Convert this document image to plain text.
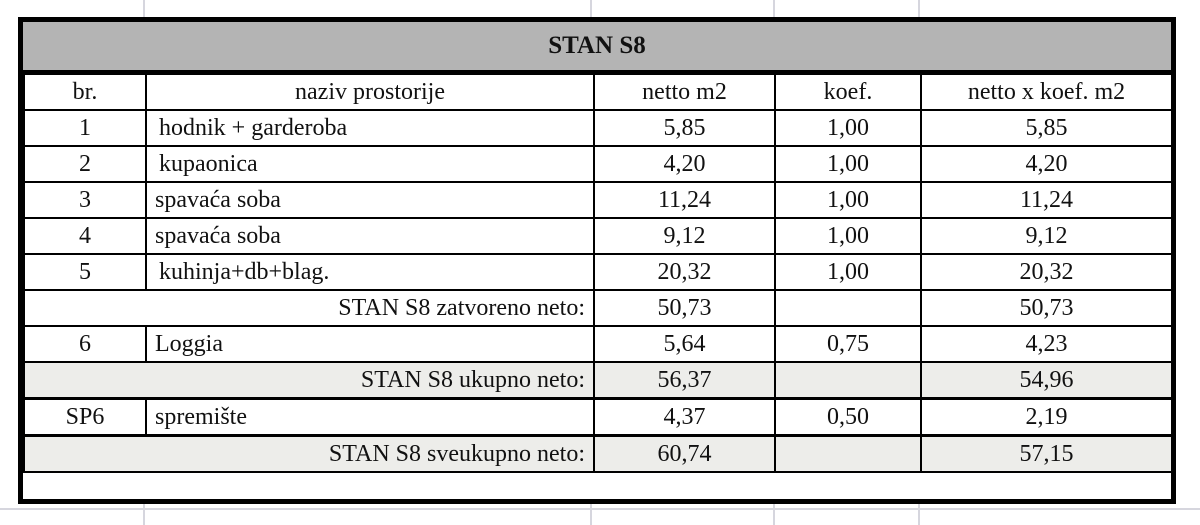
STAN S8
br.	naziv prostorije	netto m2	koef.	netto x koef. m2
1	hodnik + garderoba	5,85	1,00	5,85
2	kupaonica	4,20	1,00	4,20
3	spavaća soba	11,24	1,00	11,24
4	spavaća soba	9,12	1,00	9,12
5	kuhinja+db+blag.	20,32	1,00	20,32
STAN S8 zatvoreno neto:		50,73		50,73
6	Loggia	5,64	0,75	4,23
STAN S8 ukupno neto:		56,37		54,96
SP6	spremište	4,37	0,50	2,19
STAN S8 sveukupno neto:		60,74		57,15
